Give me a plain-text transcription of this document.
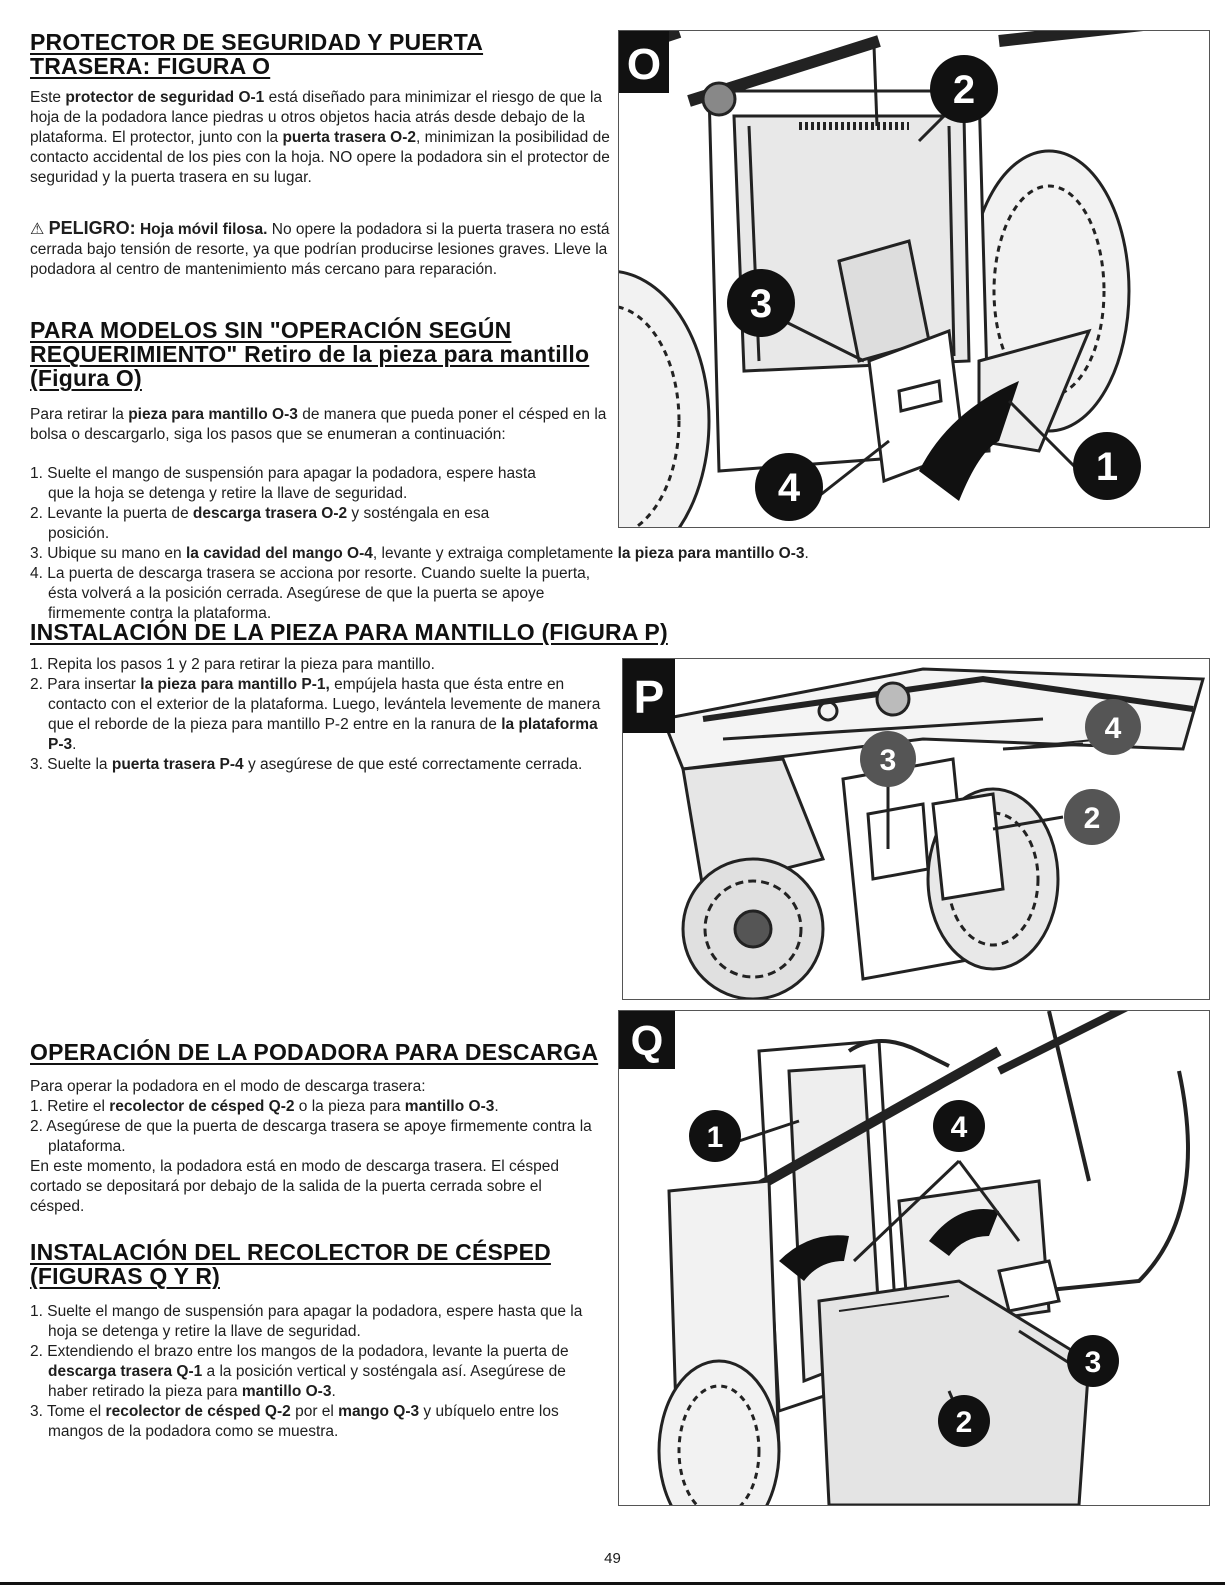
PROTECTOR DE SEGURIDAD Y PUERTA
TRASERA: FIGURA O

Este protector de seguridad O-1 está diseñado para minimizar el riesgo de que la hoja de la podadora lance piedras u otros objetos hacia atrás desde debajo de la plataforma. El protector, junto con la puerta trasera O-2, minimizan la posibilidad de contacto accidental de los pies con la hoja. NO opere la podadora sin el protector de seguridad y la puerta trasera en su lugar.

⚠ PELIGRO: Hoja móvil filosa. No opere la podadora si la puerta trasera no está cerrada bajo tensión de resorte, ya que podrían producirse lesiones graves. Lleve la podadora al centro de mantenimiento más cercano para reparación.

PARA MODELOS SIN "OPERACIÓN SEGÚN
REQUERIMIENTO" Retiro de la pieza para mantillo
(Figura O)

Para retirar la pieza para mantillo O-3 de manera que pueda poner el césped en la bolsa o descargarlo, siga los pasos que se enumeran a continuación:

1. Suelte el mango de suspensión para apagar la podadora, espere hasta que la hoja se detenga y retire la llave de seguridad.
2. Levante la puerta de descarga trasera O-2 y sosténgala en esa posición.
3. Ubique su mano en la cavidad del mango O-4, levante y extraiga completamente la pieza para mantillo O-3.
4. La puerta de descarga trasera se acciona por resorte. Cuando suelte la puerta, ésta volverá a la posición cerrada. Asegúrese de que la puerta se apoye firmemente contra la plataforma.
INSTALACIÓN DE LA PIEZA PARA MANTILLO (FIGURA P)
1. Repita los pasos 1 y 2 para retirar la pieza para mantillo.
2. Para insertar la pieza para mantillo P-1, empújela hasta que ésta entre en contacto con el exterior de la plataforma. Luego, levántela levemente de manera que el reborde de la pieza para mantillo P-2 entre en la ranura de la plataforma P-3.
3. Suelte la puerta trasera P-4 y asegúrese de que esté correctamente cerrada.
OPERACIÓN DE LA PODADORA PARA DESCARGA

Para operar la podadora en el modo de descarga trasera:

1. Retire el recolector de césped Q-2 o la pieza para mantillo O-3.
2. Asegúrese de que la puerta de descarga trasera se apoye firmemente contra la plataforma.

En este momento, la podadora está en modo de descarga trasera. El césped cortado se depositará por debajo de la salida de la puerta cerrada sobre el césped.

INSTALACIÓN DEL RECOLECTOR DE CÉSPED
(FIGURAS Q Y R)
1. Suelte el mango de suspensión para apagar la podadora, espere hasta que la hoja se detenga y retire la llave de seguridad.
2. Extendiendo el brazo entre los mangos de la podadora, levante la puerta de descarga trasera Q-1 a la posición vertical y sosténgala así. Asegúrese de haber retirado la pieza para mantillo O-3.
3. Tome el recolector de césped Q-2 por el mango Q-3 y ubíquelo entre los mangos de la podadora como se muestra.
O
1
2
3
4
P
2
3
4
Q
1
2
3
4
49
